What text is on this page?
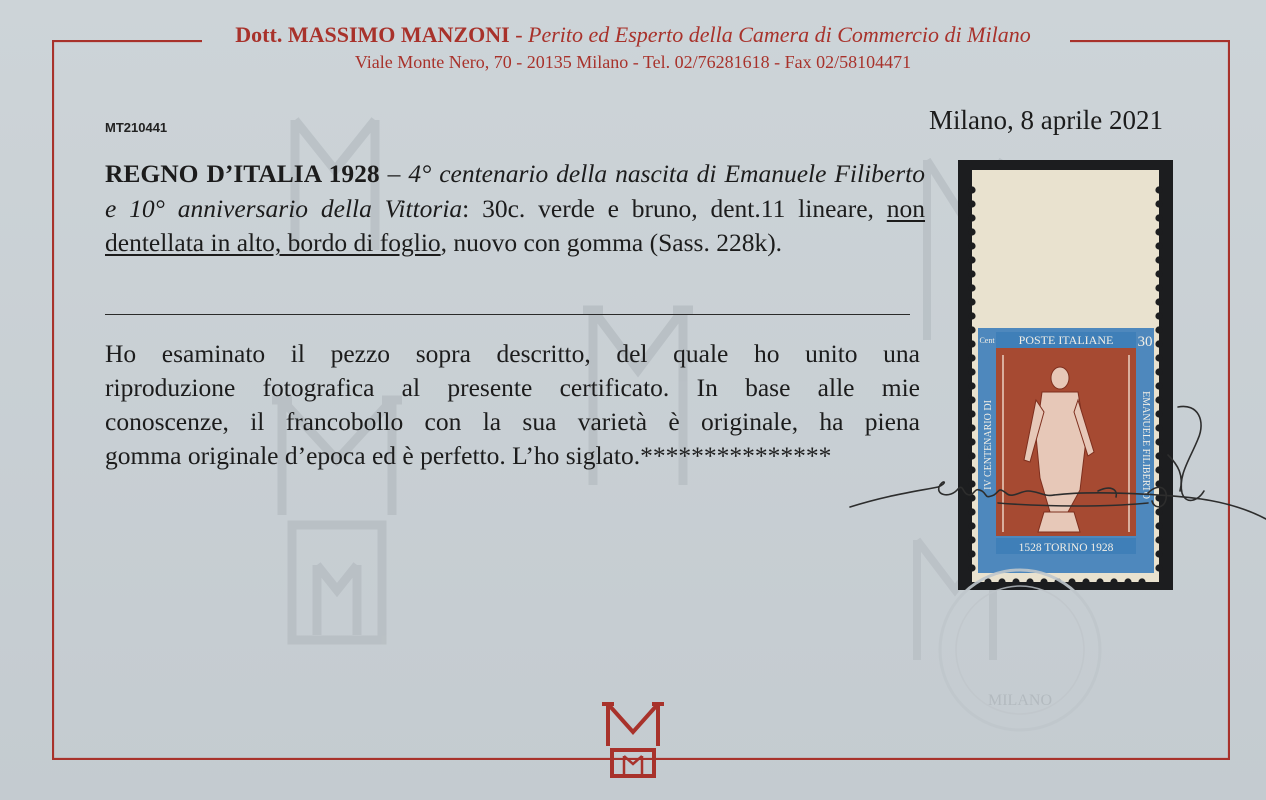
Dott. MASSIMO MANZONI - Perito ed Esperto della Camera di Commercio di Milano
Viale Monte Nero, 70 - 20135 Milano - Tel. 02/76281618 - Fax 02/58104471
MT210441	Milano, 8 aprile 2021
REGNO D’ITALIA 1928 – 4° centenario della nascita di Emanuele Filiberto e 10° anniversario della Vittoria: 30c. verde e bruno, dent.11 lineare, non dentellata in alto, bordo di foglio, nuovo con gomma (Sass. 228k).

Ho esaminato il pezzo sopra descritto, del quale ho unito una

riproduzione fotografica al presente certificato. In base alle mie

conoscenze, il francobollo con la sua varietà è originale, ha piena

gomma originale d’epoca ed è perfetto. L’ho siglato.***************

POSTE ITALIANE
Cent	30
1528 TORINO 1928
IV CENTENARIO DI	EMANUELE FILIBERTO
MILANO
